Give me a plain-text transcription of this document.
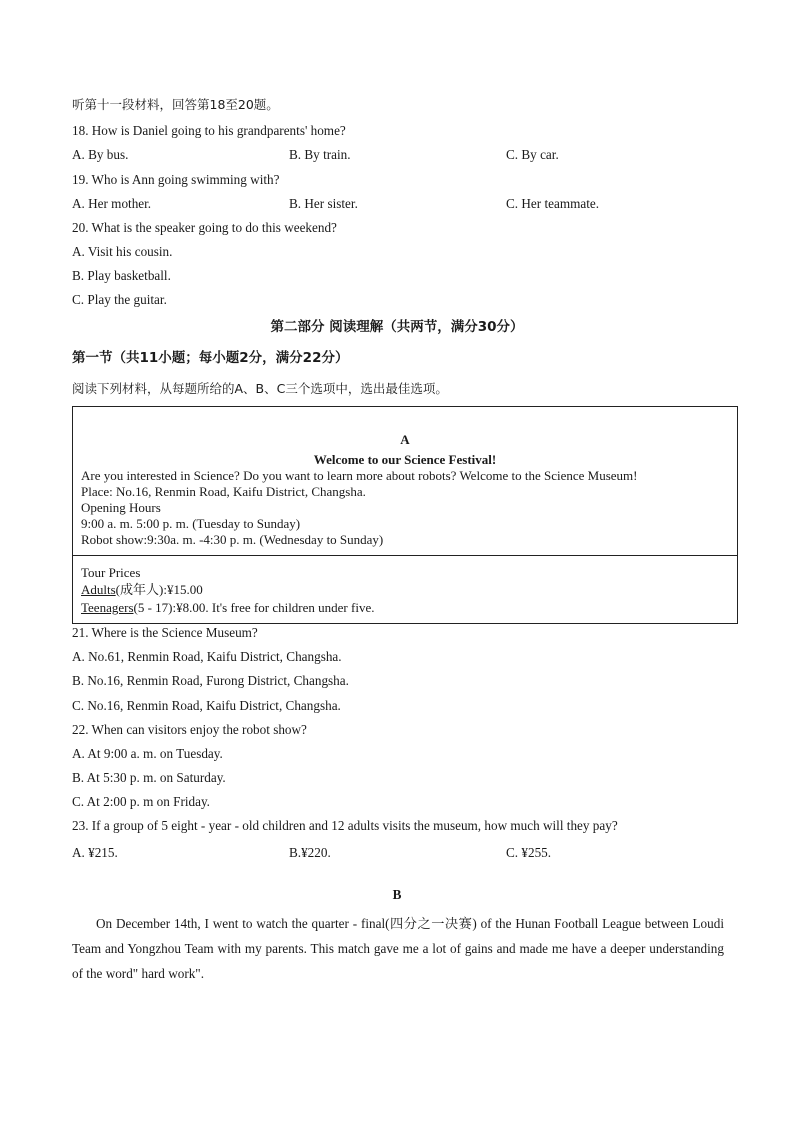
听第十一段材料，回答第18至20题。
18. How is Daniel going to his grandparents' home?
A. By bus.	B. By train.	C. By car.
19. Who is Ann going swimming with?
A. Her mother.	B. Her sister.	C. Her teammate.
20. What is the speaker going to do this weekend?
A. Visit his cousin.
B. Play basketball.
C. Play the guitar.
第二部分 阅读理解（共两节，满分30分）
第一节（共11小题；每小题2分，满分22分）
阅读下列材料，从每题所给的A、B、C三个选项中，选出最佳选项。
A
Welcome to our Science Festival!
Are you interested in Science? Do you want to learn more about robots? Welcome to the Science Museum!
Place: No.16, Renmin Road, Kaifu District, Changsha.
Opening Hours
9:00 a. m. 5:00 p. m. (Tuesday to Sunday)
Robot show:9:30a. m. -4:30 p. m. (Wednesday to Sunday)
Tour Prices
Adults(成年人):¥15.00
Teenagers(5 - 17):¥8.00. It's free for children under five.
21. Where is the Science Museum?
A. No.61, Renmin Road, Kaifu District, Changsha.
B. No.16, Renmin Road, Furong District, Changsha.
C. No.16, Renmin Road, Kaifu District, Changsha.
22. When can visitors enjoy the robot show?
A. At 9:00 a. m. on Tuesday.
B. At 5:30 p. m. on Saturday.
C. At 2:00 p. m on Friday.
23. If a group of 5 eight - year - old children and 12 adults visits the museum, how much will they pay?
A. ¥215.	B.¥220.	C. ¥255.
B
On December 14th, I went to watch the quarter - final(四分之一决赛) of the Hunan Football League between Loudi Team and Yongzhou Team with my parents. This match gave me a lot of gains and made me have a deeper understanding of the word" hard work".
